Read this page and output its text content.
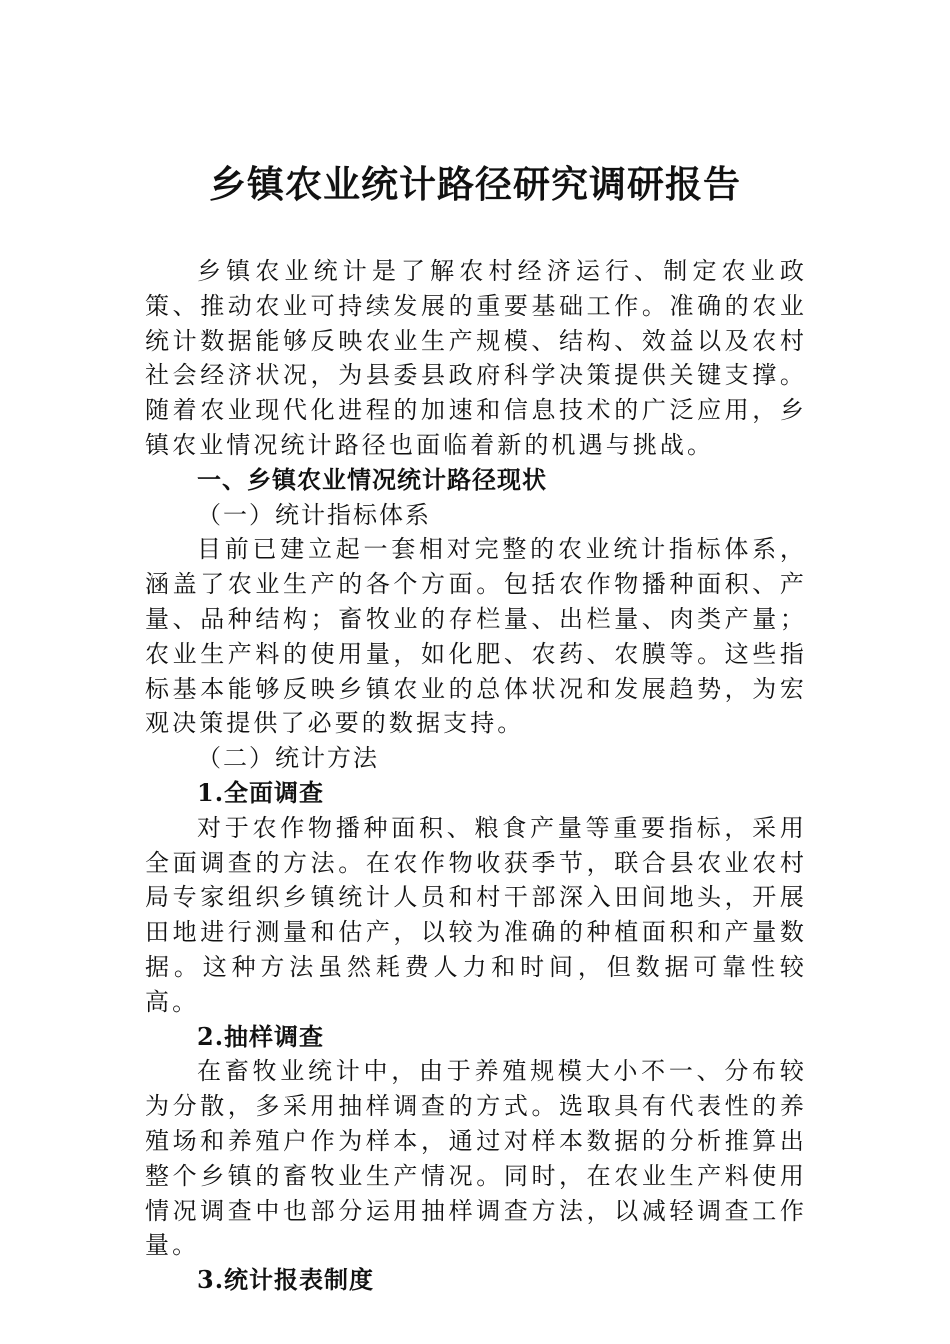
乡镇农业统计路径研究调研报告

乡镇农业统计是了解农村经济运行、制定农业政策、推动农业可持续发展的重要基础工作。准确的农业统计数据能够反映农业生产规模、结构、效益以及农村社会经济状况，为县委县政府科学决策提供关键支撑。随着农业现代化进程的加速和信息技术的广泛应用，乡镇农业情况统计路径也面临着新的机遇与挑战。

一、乡镇农业情况统计路径现状

（一）统计指标体系

目前已建立起一套相对完整的农业统计指标体系，涵盖了农业生产的各个方面。包括农作物播种面积、产量、品种结构；畜牧业的存栏量、出栏量、肉类产量；农业生产料的使用量，如化肥、农药、农膜等。这些指标基本能够反映乡镇农业的总体状况和发展趋势，为宏观决策提供了必要的数据支持。

（二）统计方法

1.全面调查

对于农作物播种面积、粮食产量等重要指标，采用全面调查的方法。在农作物收获季节，联合县农业农村局专家组织乡镇统计人员和村干部深入田间地头，开展田地进行测量和估产，以较为准确的种植面积和产量数据。这种方法虽然耗费人力和时间，但数据可靠性较高。

2.抽样调查

在畜牧业统计中，由于养殖规模大小不一、分布较为分散，多采用抽样调查的方式。选取具有代表性的养殖场和养殖户作为样本，通过对样本数据的分析推算出整个乡镇的畜牧业生产情况。同时，在农业生产料使用情况调查中也部分运用抽样调查方法，以减轻调查工作量。

3.统计报表制度
